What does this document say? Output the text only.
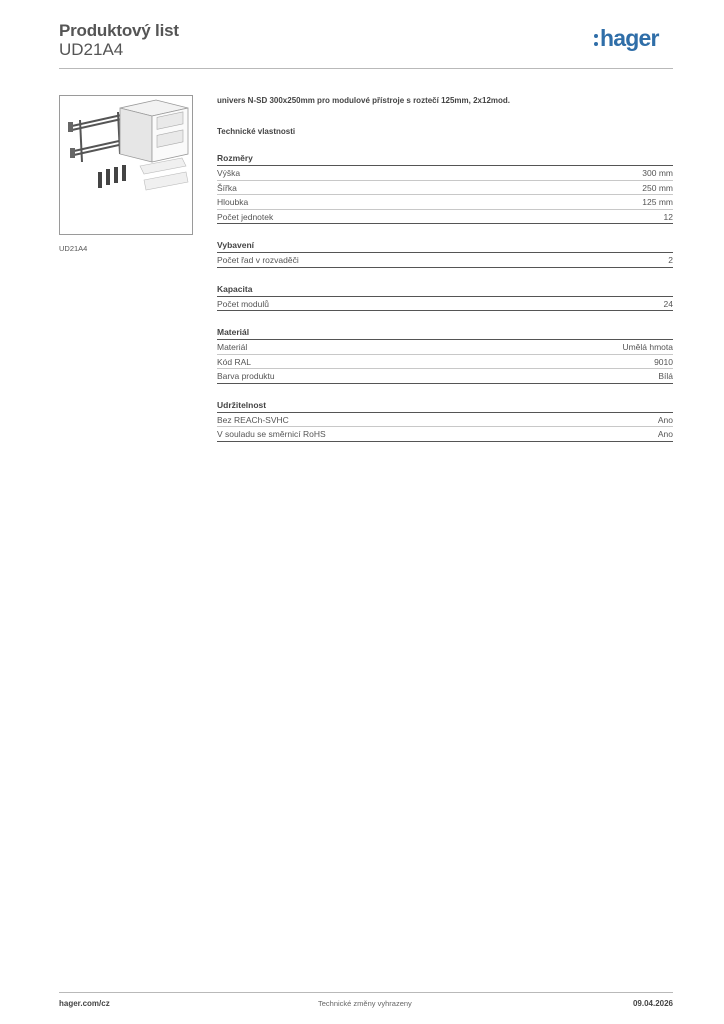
Produktový list
UD21A4	hager
UD21A4
univers N-SD 300x250mm pro modulové přístroje s roztečí 125mm, 2x12mod.
Technické vlastnosti
Rozměry
Výška	300 mm
Šířka	250 mm
Hloubka	125 mm
Počet jednotek	12
Vybavení
Počet řad v rozvaděči	2
Kapacita
Počet modulů	24
Materiál
Materiál	Umělá hmota
Kód RAL	9010
Barva produktu	Bílá
Udržitelnost
Bez REACh-SVHC	Ano
V souladu se směrnicí RoHS	Ano
hager.com/cz	Technické změny vyhrazeny	09.04.2026
